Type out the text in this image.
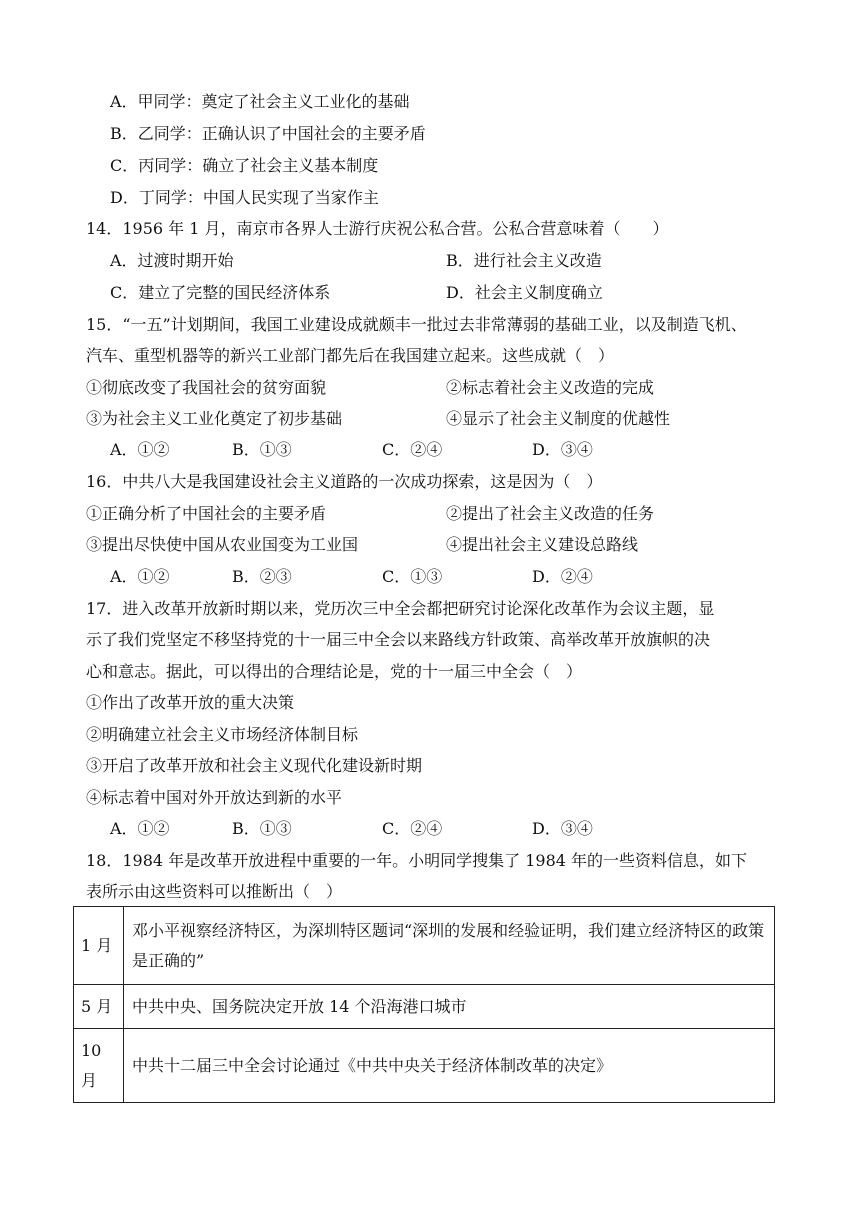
A．甲同学：奠定了社会主义工业化的基础
B．乙同学：正确认识了中国社会的主要矛盾
C．丙同学：确立了社会主义基本制度
D．丁同学：中国人民实现了当家作主
14．1956 年 1 月，南京市各界人士游行庆祝公私合营。公私合营意味着（　　）
A．过渡时期开始	B．进行社会主义改造
C．建立了完整的国民经济体系	D．社会主义制度确立
15．“一五”计划期间，我国工业建设成就颇丰一批过去非常薄弱的基础工业，以及制造飞机、
汽车、重型机器等的新兴工业部门都先后在我国建立起来。这些成就（　）
①彻底改变了我国社会的贫穷面貌	②标志着社会主义改造的完成
③为社会主义工业化奠定了初步基础	④显示了社会主义制度的优越性
A．①②	B．①③	C．②④	D．③④
16．中共八大是我国建设社会主义道路的一次成功探索，这是因为（　）
①正确分析了中国社会的主要矛盾	②提出了社会主义改造的任务
③提出尽快使中国从农业国变为工业国	④提出社会主义建设总路线
A．①②	B．②③	C．①③	D．②④
17．进入改革开放新时期以来，党历次三中全会都把研究讨论深化改革作为会议主题，显
示了我们党坚定不移坚持党的十一届三中全会以来路线方针政策、高举改革开放旗帜的决
心和意志。据此，可以得出的合理结论是，党的十一届三中全会（　）
①作出了改革开放的重大决策
②明确建立社会主义市场经济体制目标
③开启了改革开放和社会主义现代化建设新时期
④标志着中国对外开放达到新的水平
A．①②	B．①③	C．②④	D．③④
18．1984 年是改革开放进程中重要的一年。小明同学搜集了 1984 年的一些资料信息，如下
表所示由这些资料可以推断出（　）
1 月	邓小平视察经济特区，为深圳特区题词“深圳的发展和经验证明，我们建立经济特区的政策是正确的”
5 月	中共中央、国务院决定开放 14 个沿海港口城市
10 月	中共十二届三中全会讨论通过《中共中央关于经济体制改革的决定》
